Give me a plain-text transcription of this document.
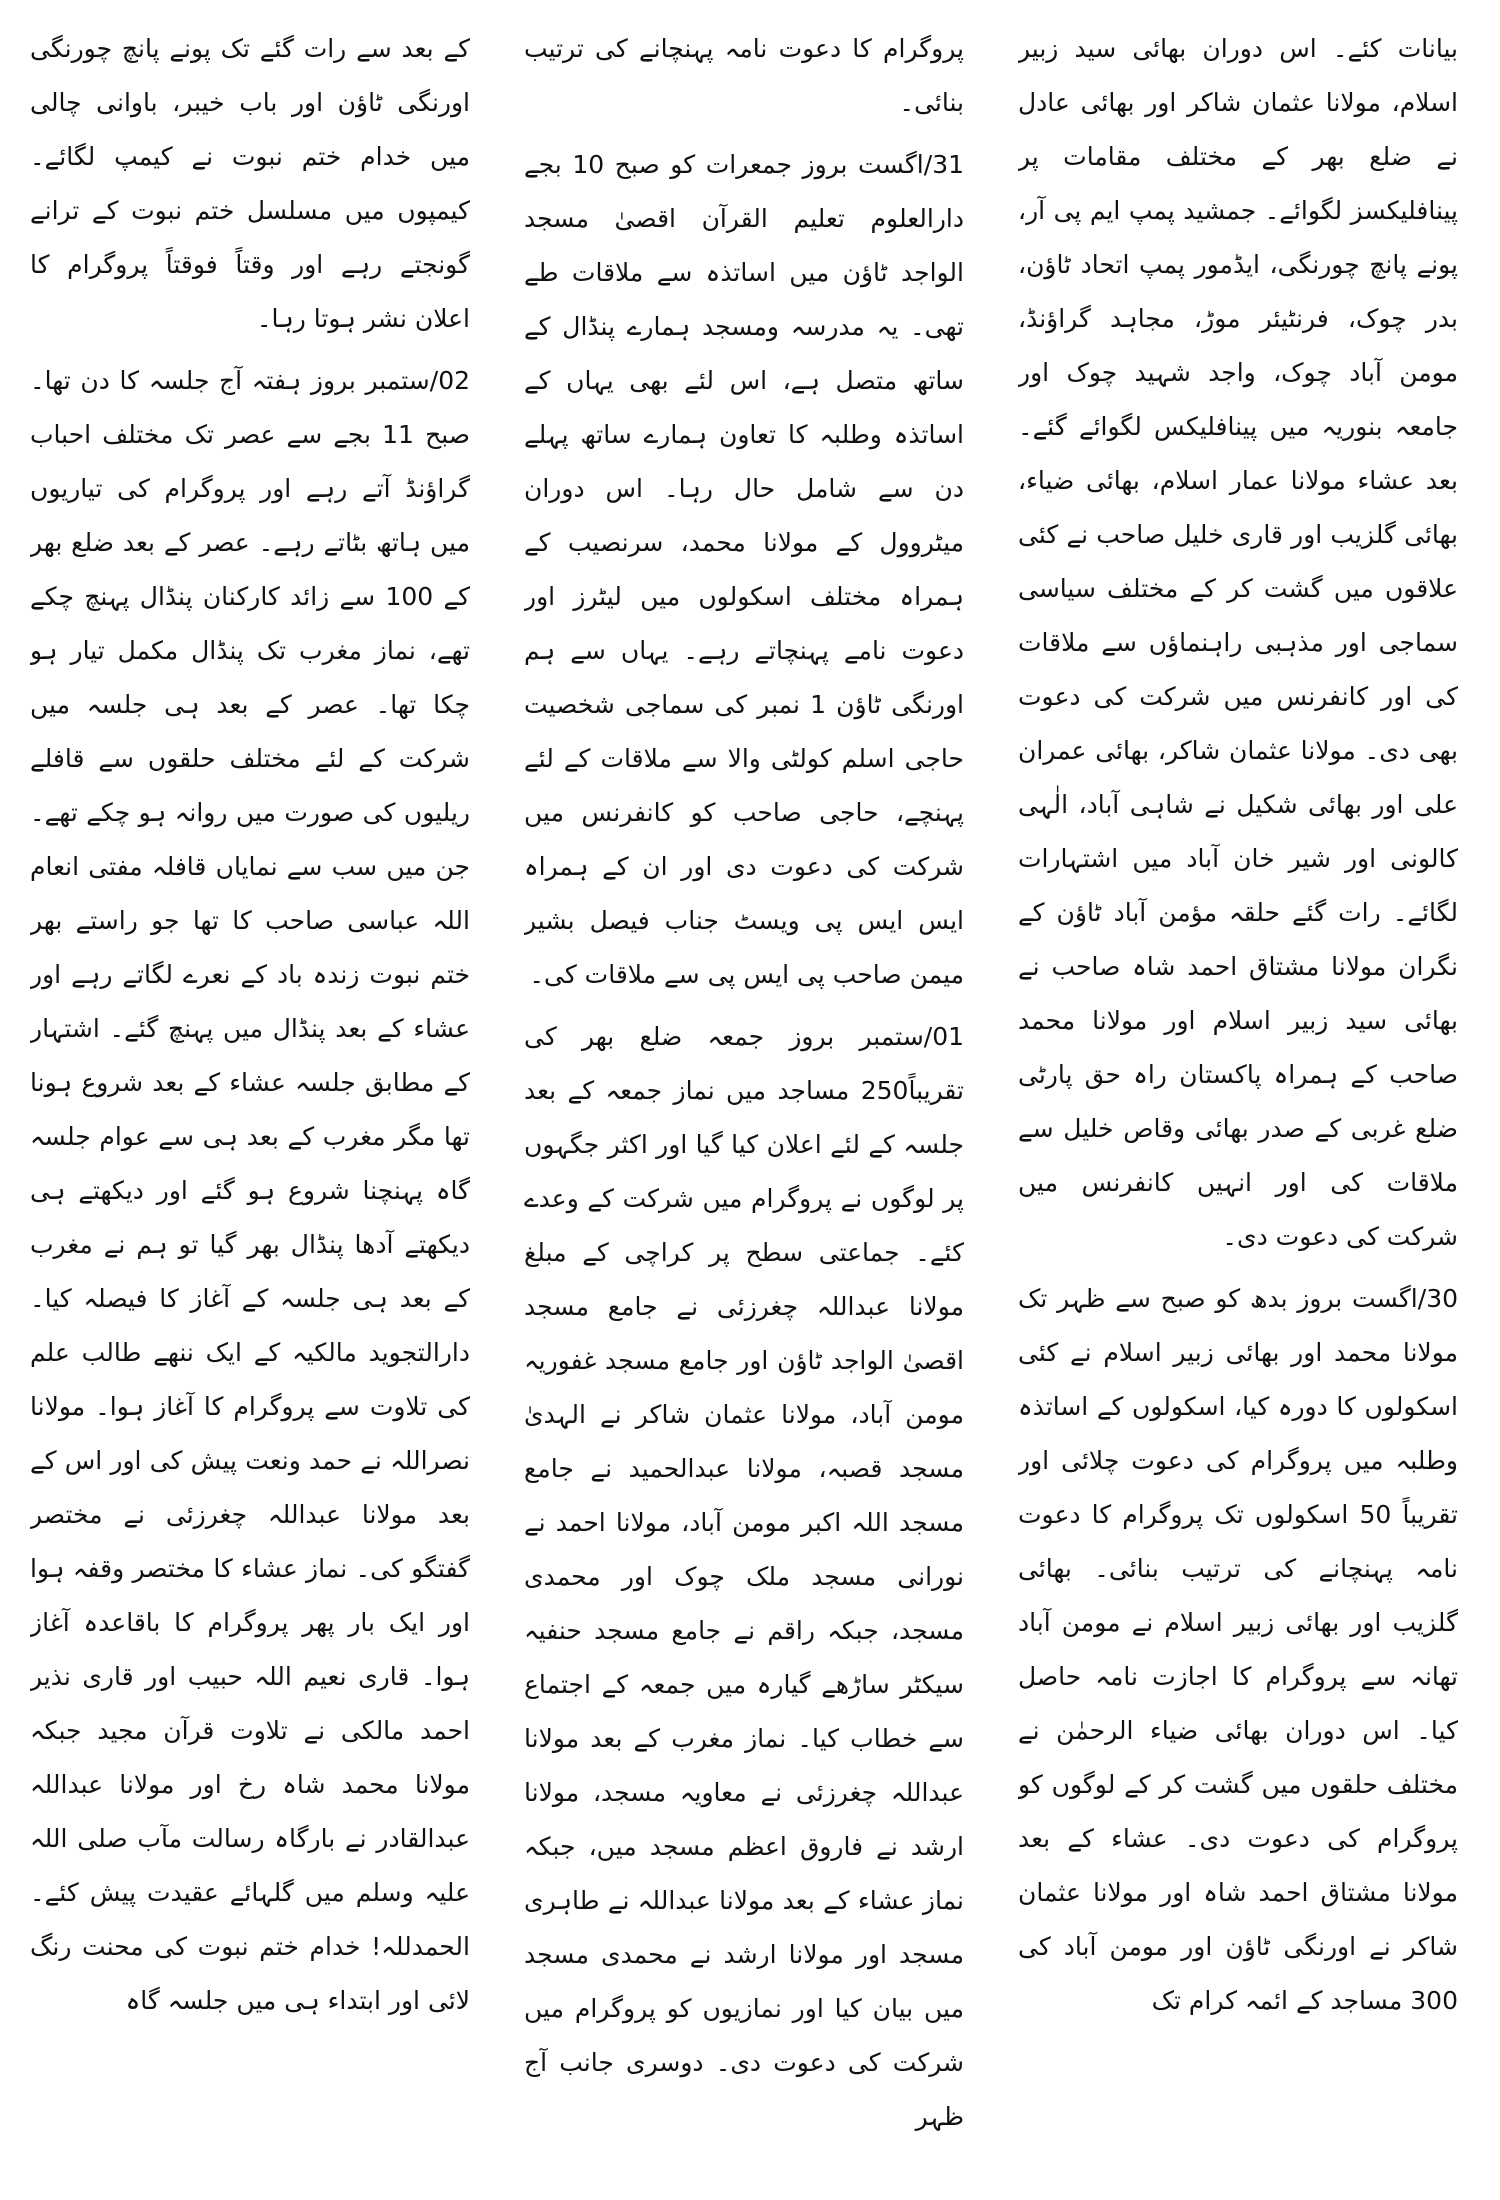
بیانات کئے۔ اس دوران بھائی سید زبیر اسلام، مولانا عثمان شاکر اور بھائی عادل نے ضلع بھر کے مختلف مقامات پر پینافلیکسز لگوائے۔ جمشید پمپ ایم پی آر، پونے پانچ چورنگی، ایڈمور پمپ اتحاد ٹاؤن، بدر چوک، فرنٹیئر موڑ، مجاہد گراؤنڈ، مومن آباد چوک، واجد شہید چوک اور جامعہ بنوریہ میں پینافلیکس لگوائے گئے۔ بعد عشاء مولانا عمار اسلام، بھائی ضیاء، بھائی گلزیب اور قاری خلیل صاحب نے کئی علاقوں میں گشت کر کے مختلف سیاسی سماجی اور مذہبی راہنماؤں سے ملاقات کی اور کانفرنس میں شرکت کی دعوت بھی دی۔ مولانا عثمان شاکر، بھائی عمران علی اور بھائی شکیل نے شاہی آباد، الٰہی کالونی اور شیر خان آباد میں اشتہارات لگائے۔ رات گئے حلقہ مؤمن آباد ٹاؤن کے نگران مولانا مشتاق احمد شاہ صاحب نے بھائی سید زبیر اسلام اور مولانا محمد صاحب کے ہمراہ پاکستان راہ حق پارٹی ضلع غربی کے صدر بھائی وقاص خلیل سے ملاقات کی اور انہیں کانفرنس میں شرکت کی دعوت دی۔

30/اگست بروز بدھ کو صبح سے ظہر تک مولانا محمد اور بھائی زبیر اسلام نے کئی اسکولوں کا دورہ کیا، اسکولوں کے اساتذہ وطلبہ میں پروگرام کی دعوت چلائی اور تقریباً 50 اسکولوں تک پروگرام کا دعوت نامہ پہنچانے کی ترتیب بنائی۔ بھائی گلزیب اور بھائی زبیر اسلام نے مومن آباد تھانہ سے پروگرام کا اجازت نامہ حاصل کیا۔ اس دوران بھائی ضیاء الرحمٰن نے مختلف حلقوں میں گشت کر کے لوگوں کو پروگرام کی دعوت دی۔ عشاء کے بعد مولانا مشتاق احمد شاہ اور مولانا عثمان شاکر نے اورنگی ٹاؤن اور مومن آباد کی 300 مساجد کے ائمہ کرام تک

پروگرام کا دعوت نامہ پہنچانے کی ترتیب بنائی۔

31/اگست بروز جمعرات کو صبح 10 بجے دارالعلوم تعلیم القرآن اقصیٰ مسجد الواجد ٹاؤن میں اساتذہ سے ملاقات طے تھی۔ یہ مدرسہ ومسجد ہمارے پنڈال کے ساتھ متصل ہے، اس لئے بھی یہاں کے اساتذہ وطلبہ کا تعاون ہمارے ساتھ پہلے دن سے شامل حال رہا۔ اس دوران میٹروول کے مولانا محمد، سرنصیب کے ہمراہ مختلف اسکولوں میں لیٹرز اور دعوت نامے پہنچاتے رہے۔ یہاں سے ہم اورنگی ٹاؤن 1 نمبر کی سماجی شخصیت حاجی اسلم کولٹی والا سے ملاقات کے لئے پہنچے، حاجی صاحب کو کانفرنس میں شرکت کی دعوت دی اور ان کے ہمراہ ایس ایس پی ویسٹ جناب فیصل بشیر میمن صاحب پی ایس پی سے ملاقات کی۔

01/ستمبر بروز جمعہ ضلع بھر کی تقریباً250 مساجد میں نماز جمعہ کے بعد جلسہ کے لئے اعلان کیا گیا اور اکثر جگہوں پر لوگوں نے پروگرام میں شرکت کے وعدے کئے۔ جماعتی سطح پر کراچی کے مبلغ مولانا عبداللہ چغرزئی نے جامع مسجد اقصیٰ الواجد ٹاؤن اور جامع مسجد غفوریہ مومن آباد، مولانا عثمان شاکر نے الہدیٰ مسجد قصبہ، مولانا عبدالحمید نے جامع مسجد اللہ اکبر مومن آباد، مولانا احمد نے نورانی مسجد ملک چوک اور محمدی مسجد، جبکہ راقم نے جامع مسجد حنفیہ سیکٹر ساڑھے گیارہ میں جمعہ کے اجتماع سے خطاب کیا۔ نماز مغرب کے بعد مولانا عبداللہ چغرزئی نے معاویہ مسجد، مولانا ارشد نے فاروق اعظم مسجد میں، جبکہ نماز عشاء کے بعد مولانا عبداللہ نے طاہری مسجد اور مولانا ارشد نے محمدی مسجد میں بیان کیا اور نمازیوں کو پروگرام میں شرکت کی دعوت دی۔ دوسری جانب آج ظہر

کے بعد سے رات گئے تک پونے پانچ چورنگی اورنگی ٹاؤن اور باب خیبر، باوانی چالی میں خدام ختم نبوت نے کیمپ لگائے۔ کیمپوں میں مسلسل ختم نبوت کے ترانے گونجتے رہے اور وقتاً فوقتاً پروگرام کا اعلان نشر ہوتا رہا۔

02/ستمبر بروز ہفتہ آج جلسہ کا دن تھا۔ صبح 11 بجے سے عصر تک مختلف احباب گراؤنڈ آتے رہے اور پروگرام کی تیاریوں میں ہاتھ بٹاتے رہے۔ عصر کے بعد ضلع بھر کے 100 سے زائد کارکنان پنڈال پہنچ چکے تھے، نماز مغرب تک پنڈال مکمل تیار ہو چکا تھا۔ عصر کے بعد ہی جلسہ میں شرکت کے لئے مختلف حلقوں سے قافلے ریلیوں کی صورت میں روانہ ہو چکے تھے۔ جن میں سب سے نمایاں قافلہ مفتی انعام اللہ عباسی صاحب کا تھا جو راستے بھر ختم نبوت زندہ باد کے نعرے لگاتے رہے اور عشاء کے بعد پنڈال میں پہنچ گئے۔ اشتہار کے مطابق جلسہ عشاء کے بعد شروع ہونا تھا مگر مغرب کے بعد ہی سے عوام جلسہ گاہ پہنچنا شروع ہو گئے اور دیکھتے ہی دیکھتے آدھا پنڈال بھر گیا تو ہم نے مغرب کے بعد ہی جلسہ کے آغاز کا فیصلہ کیا۔ دارالتجوید مالکیہ کے ایک ننھے طالب علم کی تلاوت سے پروگرام کا آغاز ہوا۔ مولانا نصراللہ نے حمد ونعت پیش کی اور اس کے بعد مولانا عبداللہ چغرزئی نے مختصر گفتگو کی۔ نماز عشاء کا مختصر وقفہ ہوا اور ایک بار پھر پروگرام کا باقاعدہ آغاز ہوا۔ قاری نعیم اللہ حبیب اور قاری نذیر احمد مالکی نے تلاوت قرآن مجید جبکہ مولانا محمد شاہ رخ اور مولانا عبداللہ عبدالقادر نے بارگاہ رسالت مآب صلی اللہ علیہ وسلم میں گلہائے عقیدت پیش کئے۔ الحمدللہ! خدام ختم نبوت کی محنت رنگ لائی اور ابتداء ہی میں جلسہ گاہ
